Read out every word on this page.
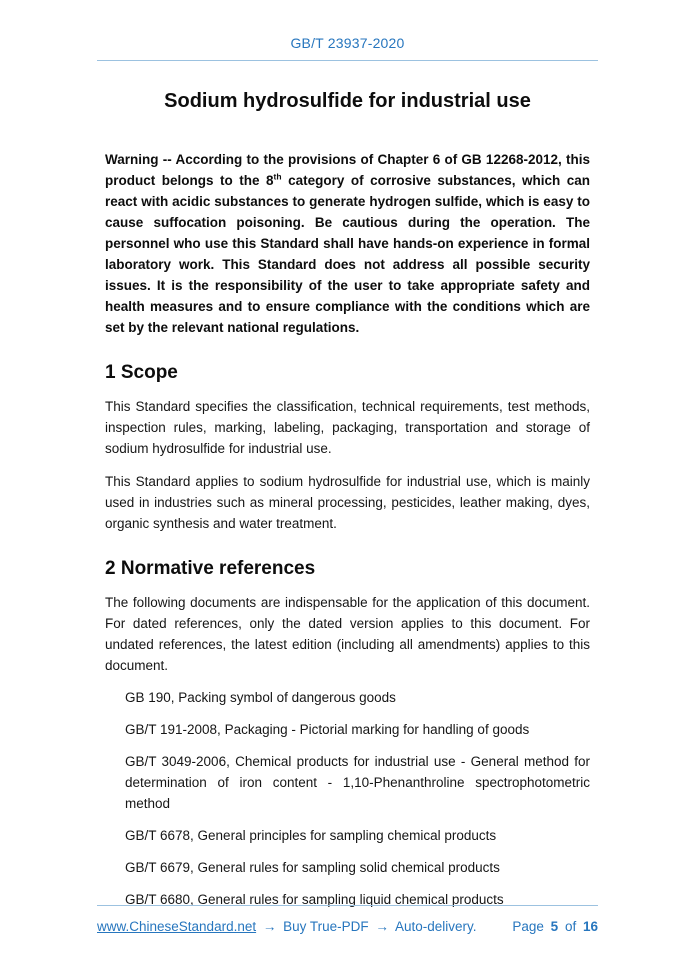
GB/T 23937-2020
Sodium hydrosulfide for industrial use

Warning -- According to the provisions of Chapter 6 of GB 12268-2012, this product belongs to the 8th category of corrosive substances, which can react with acidic substances to generate hydrogen sulfide, which is easy to cause suffocation poisoning. Be cautious during the operation. The personnel who use this Standard shall have hands-on experience in formal laboratory work. This Standard does not address all possible security issues. It is the responsibility of the user to take appropriate safety and health measures and to ensure compliance with the conditions which are set by the relevant national regulations.

1 Scope

This Standard specifies the classification, technical requirements, test methods, inspection rules, marking, labeling, packaging, transportation and storage of sodium hydrosulfide for industrial use.

This Standard applies to sodium hydrosulfide for industrial use, which is mainly used in industries such as mineral processing, pesticides, leather making, dyes, organic synthesis and water treatment.

2 Normative references

The following documents are indispensable for the application of this document. For dated references, only the dated version applies to this document. For undated references, the latest edition (including all amendments) applies to this document.

GB 190, Packing symbol of dangerous goods

GB/T 191-2008, Packaging - Pictorial marking for handling of goods

GB/T 3049-2006, Chemical products for industrial use - General method for determination of iron content - 1,10-Phenanthroline spectrophotometric method

GB/T 6678, General principles for sampling chemical products

GB/T 6679, General rules for sampling solid chemical products

GB/T 6680, General rules for sampling liquid chemical products

www.ChineseStandard.net → Buy True-PDF → Auto-delivery.	Page 5 of 16
